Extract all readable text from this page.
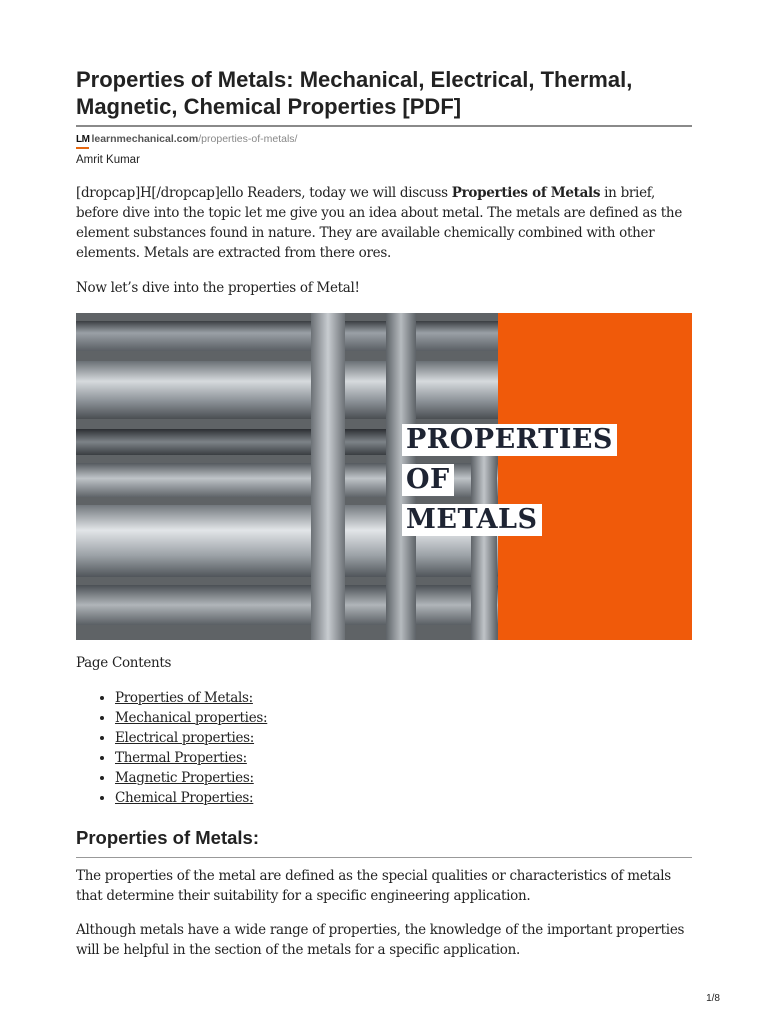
Properties of Metals: Mechanical, Electrical, Thermal, Magnetic, Chemical Properties [PDF]
LM learnmechanical.com/properties-of-metals/
Amrit Kumar

[dropcap]H[/dropcap]ello Readers, today we will discuss Properties of Metals in brief, before dive into the topic let me give you an idea about metal. The metals are defined as the element substances found in nature. They are available chemically combined with other elements. Metals are extracted from there ores.

Now let’s dive into the properties of Metal!

PROPERTIES
OF
METALS
Page Contents
• Properties of Metals:
• Mechanical properties:
• Electrical properties:
• Thermal Properties:
• Magnetic Properties:
• Chemical Properties:
Properties of Metals:

The properties of the metal are defined as the special qualities or characteristics of metals that determine their suitability for a specific engineering application.

Although metals have a wide range of properties, the knowledge of the important properties will be helpful in the section of the metals for a specific application.

1/8
